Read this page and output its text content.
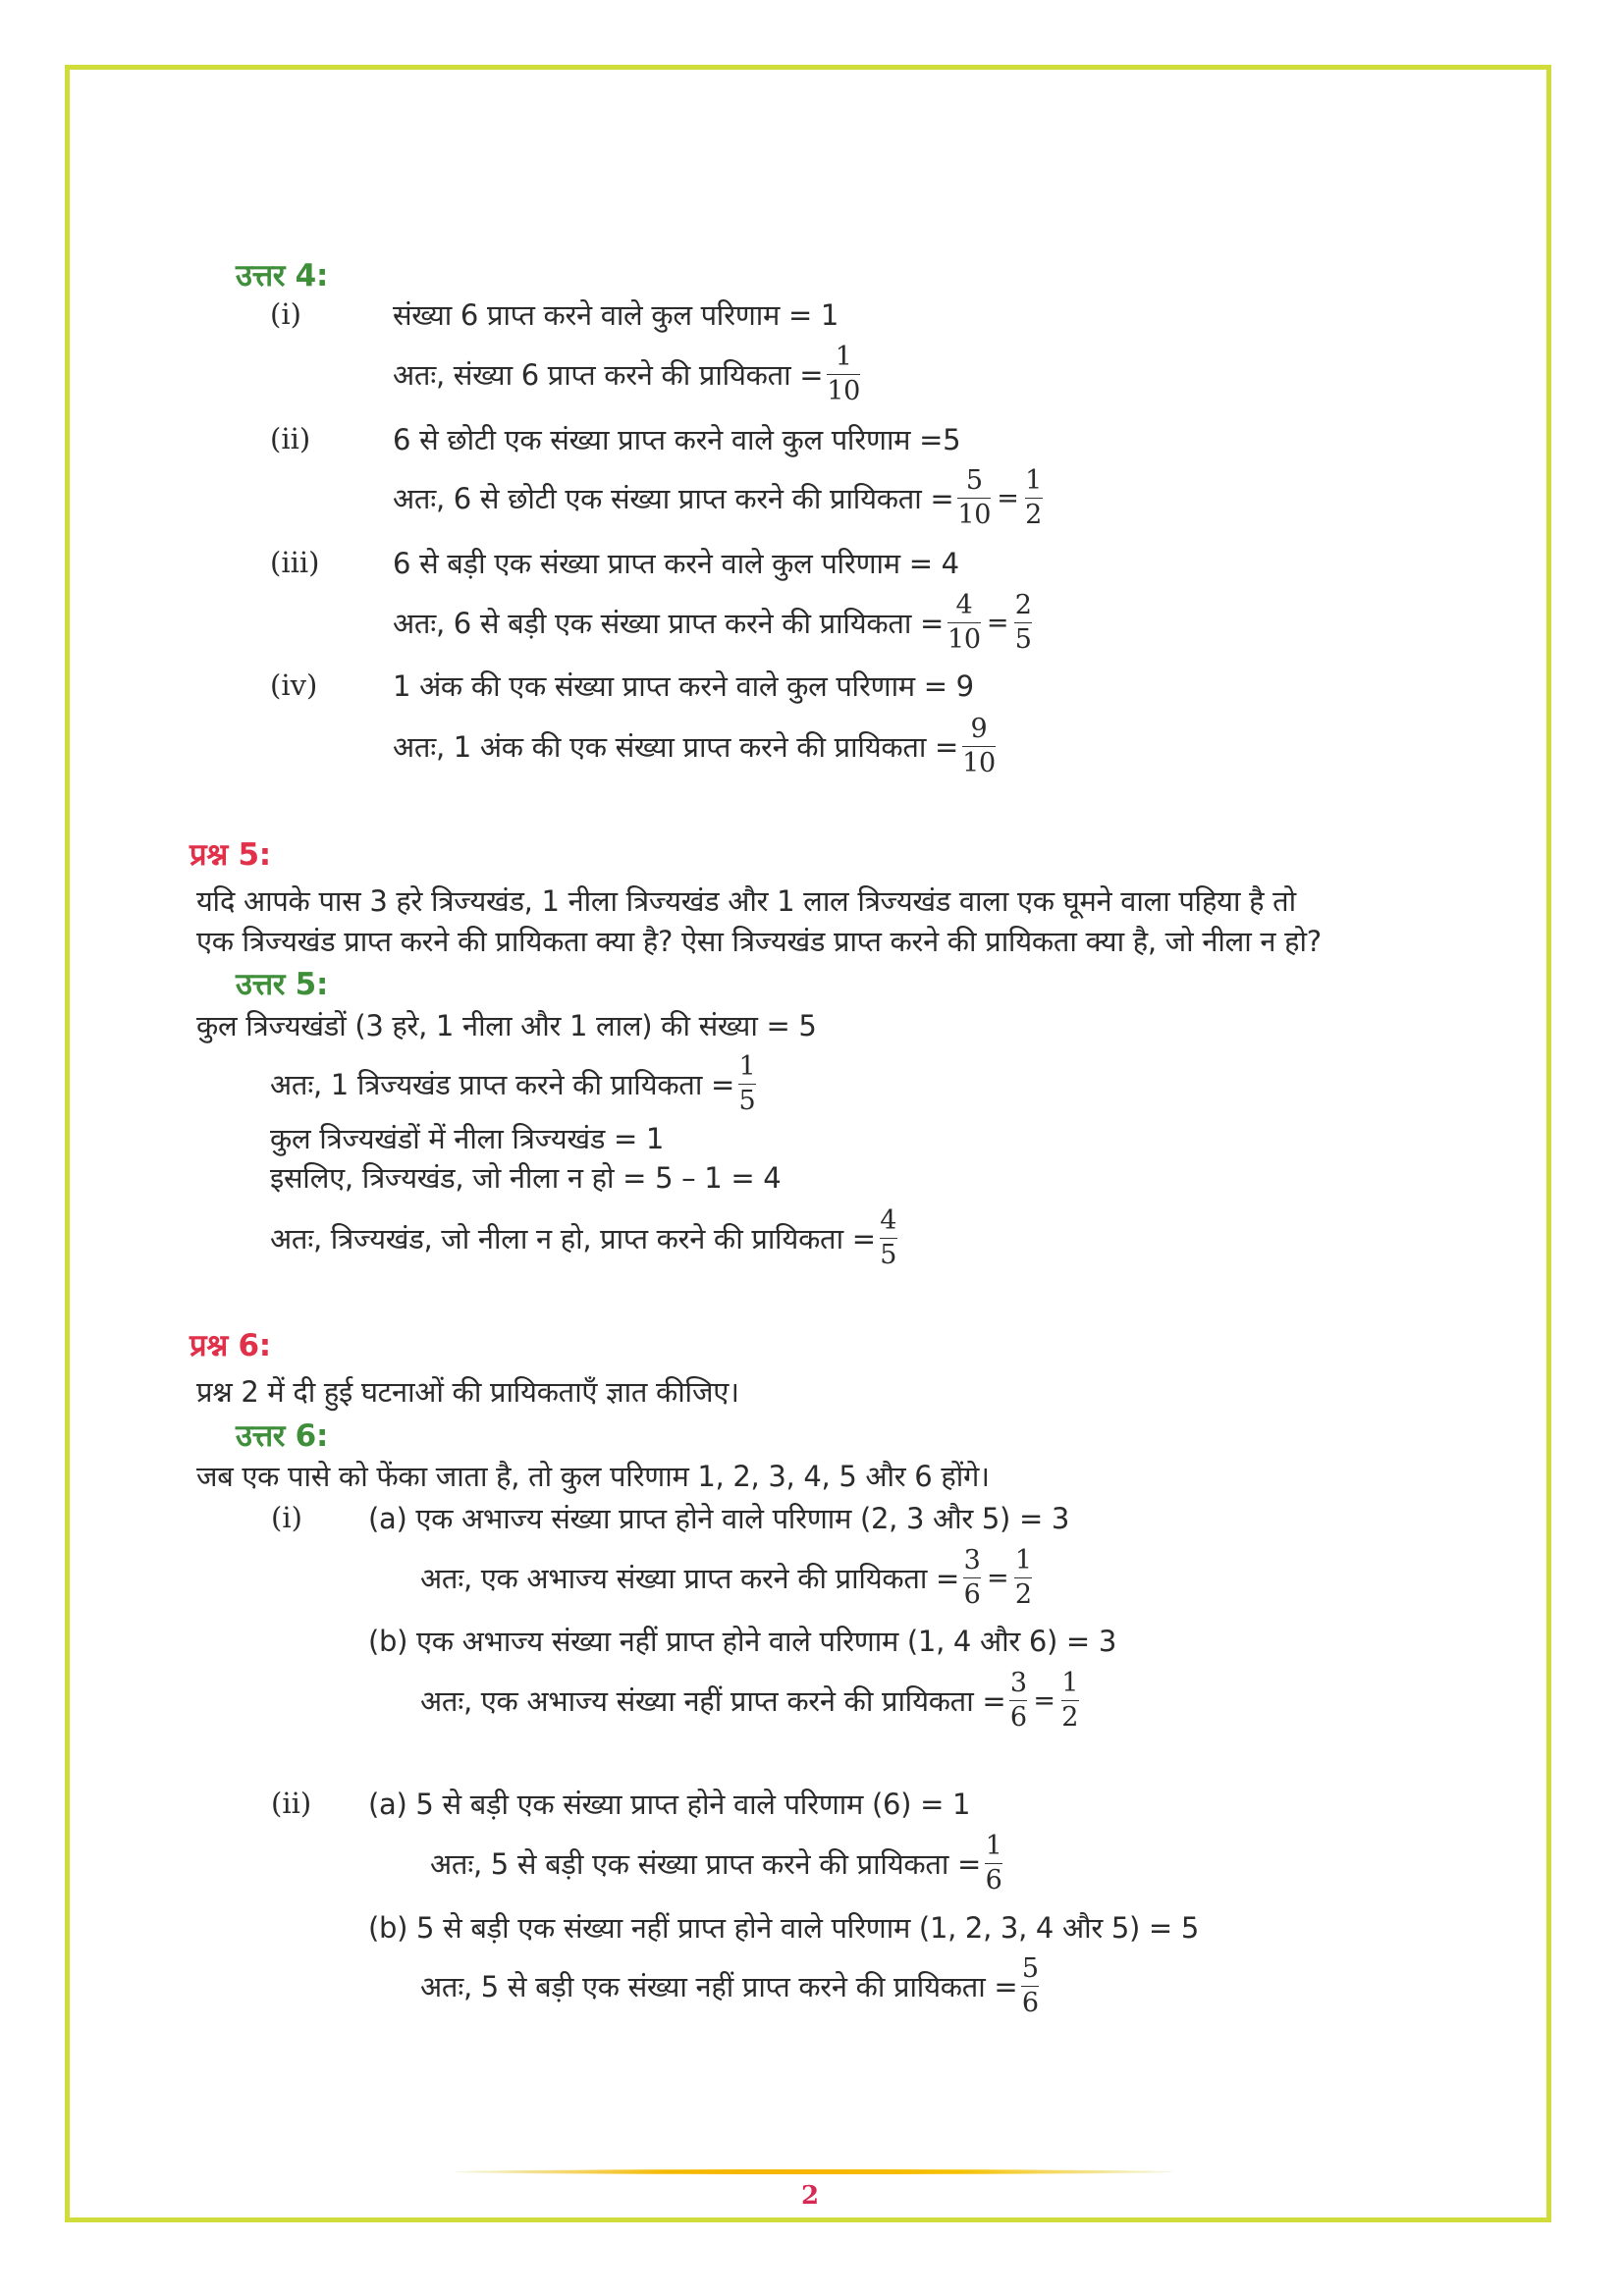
उत्तर 4:
(i)	संख्या 6 प्राप्त करने वाले कुल परिणाम = 1
अतः, संख्या 6 प्राप्त करने की प्रायिकता = $\frac{1}{10}$
(ii)	6 से छोटी एक संख्या प्राप्त करने वाले कुल परिणाम =5
अतः, 6 से छोटी एक संख्या प्राप्त करने की प्रायिकता = $\frac{5}{10} = \frac{1}{2}$
(iii)	6 से बड़ी एक संख्या प्राप्त करने वाले कुल परिणाम = 4
अतः, 6 से बड़ी एक संख्या प्राप्त करने की प्रायिकता = $\frac{4}{10} = \frac{2}{5}$
(iv)	1 अंक की एक संख्या प्राप्त करने वाले कुल परिणाम = 9
अतः, 1 अंक की एक संख्या प्राप्त करने की प्रायिकता = $\frac{9}{10}$
प्रश्न 5:
यदि आपके पास 3 हरे त्रिज्यखंड, 1 नीला त्रिज्यखंड और 1 लाल त्रिज्यखंड वाला एक घूमने वाला पहिया है तो
एक त्रिज्यखंड प्राप्त करने की प्रायिकता क्या है? ऐसा त्रिज्यखंड प्राप्त करने की प्रायिकता क्या है, जो नीला न हो?
उत्तर 5:
कुल त्रिज्यखंडों (3 हरे, 1 नीला और 1 लाल) की संख्या = 5
अतः, 1 त्रिज्यखंड प्राप्त करने की प्रायिकता = $\frac{1}{5}$
कुल त्रिज्यखंडों में नीला त्रिज्यखंड = 1
इसलिए, त्रिज्यखंड, जो नीला न हो = 5 – 1 = 4
अतः, त्रिज्यखंड, जो नीला न हो, प्राप्त करने की प्रायिकता = $\frac{4}{5}$
प्रश्न 6:
प्रश्न 2 में दी हुई घटनाओं की प्रायिकताएँ ज्ञात कीजिए।
उत्तर 6:
जब एक पासे को फेंका जाता है, तो कुल परिणाम 1, 2, 3, 4, 5 और 6 होंगे।
(i) (a) एक अभाज्य संख्या प्राप्त होने वाले परिणाम (2, 3 और 5) = 3
अतः, एक अभाज्य संख्या प्राप्त करने की प्रायिकता = $\frac{3}{6} = \frac{1}{2}$
(b) एक अभाज्य संख्या नहीं प्राप्त होने वाले परिणाम (1, 4 और 6) = 3
अतः, एक अभाज्य संख्या नहीं प्राप्त करने की प्रायिकता = $\frac{3}{6} = \frac{1}{2}$
(ii) (a) 5 से बड़ी एक संख्या प्राप्त होने वाले परिणाम (6) = 1
अतः, 5 से बड़ी एक संख्या प्राप्त करने की प्रायिकता = $\frac{1}{6}$
(b) 5 से बड़ी एक संख्या नहीं प्राप्त होने वाले परिणाम (1, 2, 3, 4 और 5) = 5
अतः, 5 से बड़ी एक संख्या नहीं प्राप्त करने की प्रायिकता = $\frac{5}{6}$
2
